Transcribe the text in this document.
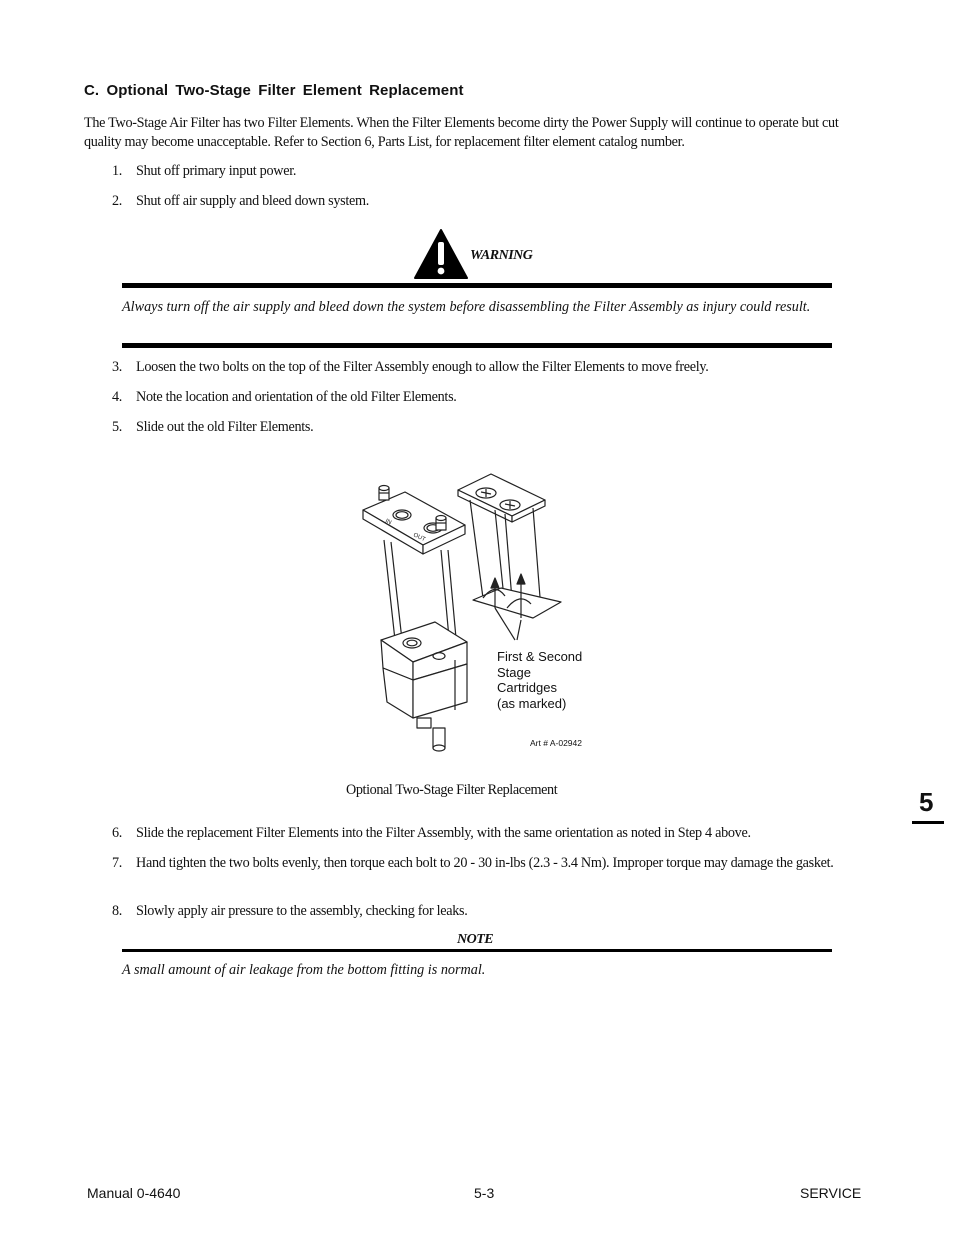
C. Optional Two-Stage Filter Element Replacement
The Two-Stage Air Filter has two Filter Elements. When the Filter Elements become dirty the Power Supply will continue to operate but cut quality may become unacceptable. Refer to Section 6, Parts List, for replacement filter element catalog number.
1. Shut off primary input power.
2. Shut off air supply and bleed down system.
WARNING
Always turn off the air supply and bleed down the system before disassembling the Filter Assembly as injury could result.
3. Loosen the two bolts on the top of the Filter Assembly enough to allow the Filter Elements to move freely.
4. Note the location and orientation of the old Filter Elements.
5. Slide out the old Filter Elements.
IN
OUT
First & Second
Stage
Cartridges
(as marked)
Art # A-02942
Optional Two-Stage Filter Replacement	5
6. Slide the replacement Filter Elements into the Filter Assembly, with the same orientation as noted in Step 4 above.
7. Hand tighten the two bolts evenly, then torque each bolt to 20 - 30 in-lbs (2.3 - 3.4 Nm). Improper torque may damage the gasket.
8. Slowly apply air pressure to the assembly, checking for leaks.
NOTE
A small amount of air leakage from the bottom fitting is normal.
Manual 0-4640	5-3	SERVICE
